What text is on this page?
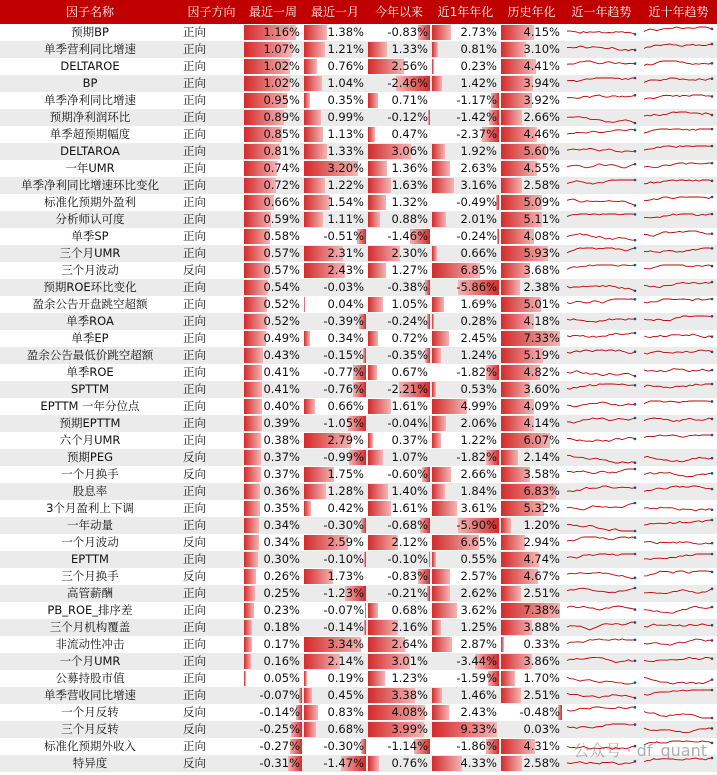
因子名称	因子方向	最近一周	最近一月	今年以来	近1年年化	历史年化	近一年趋势	近十年趋势
预期BP	正向	1.16%	1.38%	-0.83%	2.73%	4.15%
单季营利同比增速	正向	1.07%	1.21%	1.33%	0.81%	3.10%
DELTAROE	正向	1.02%	0.76%	2.56%	0.23%	4.41%
BP	正向	1.02%	1.04%	-2.46%	1.42%	3.94%
单季净利同比增速	正向	0.95%	0.35%	0.71%	-1.17%	3.92%
预期净利润环比	正向	0.89%	0.99%	-0.12%	-1.42%	2.66%
单季超预期幅度	正向	0.85%	1.13%	0.47%	-2.37%	4.46%
DELTAROA	正向	0.81%	1.33%	3.06%	1.92%	5.60%
一年UMR	正向	0.74%	3.20%	1.36%	2.63%	4.55%
单季净利同比增速环比变化	正向	0.72%	1.22%	1.63%	3.16%	2.58%
标准化预期外盈利	正向	0.66%	1.54%	1.32%	-0.49%	5.09%
分析师认可度	正向	0.59%	1.11%	0.88%	2.01%	5.11%
单季SP	正向	0.58%	-0.51%	-1.46%	-0.24%	4.08%
三个月UMR	正向	0.57%	2.31%	2.30%	0.66%	5.93%
三个月波动	反向	0.57%	2.43%	1.27%	6.85%	3.68%
预期ROE环比变化	正向	0.54%	-0.03%	-0.38%	-5.86%	2.38%
盈余公告开盘跳空超额	正向	0.52%	0.04%	1.05%	1.69%	5.01%
单季ROA	正向	0.52%	-0.39%	-0.24%	0.28%	4.18%
单季EP	正向	0.49%	0.34%	0.72%	2.45%	7.33%
盈余公告最低价跳空超额	正向	0.43%	-0.15%	-0.35%	1.24%	5.19%
单季ROE	正向	0.41%	-0.77%	0.67%	-1.82%	4.82%
SPTTM	正向	0.41%	-0.76%	-2.21%	0.53%	3.60%
EPTTM 一年分位点	正向	0.40%	0.66%	1.61%	4.99%	4.09%
预期EPTTM	正向	0.39%	-1.05%	-0.04%	2.06%	4.14%
六个月UMR	正向	0.38%	2.79%	0.37%	1.22%	6.07%
预期PEG	反向	0.37%	-0.99%	1.07%	-1.82%	2.14%
一个月换手	反向	0.37%	1.75%	-0.60%	2.66%	3.58%
股息率	正向	0.36%	1.28%	1.40%	1.84%	6.83%
3个月盈利上下调	正向	0.35%	0.42%	1.61%	3.61%	5.32%
一年动量	正向	0.34%	-0.30%	-0.68%	-5.90%	1.20%
一个月波动	反向	0.34%	2.59%	2.12%	6.65%	2.94%
EPTTM	正向	0.30%	-0.10%	-0.10%	0.55%	4.74%
三个月换手	反向	0.26%	1.73%	-0.83%	2.57%	4.67%
高管薪酬	正向	0.25%	-1.23%	-0.21%	2.62%	2.51%
PB_ROE_排序差	正向	0.23%	-0.07%	0.68%	3.62%	7.38%
三个月机构覆盖	正向	0.18%	-0.14%	2.16%	1.25%	3.88%
非流动性冲击	正向	0.17%	3.34%	2.64%	2.87%	0.33%
一个月UMR	正向	0.16%	2.14%	3.01%	-3.44%	3.86%
公募持股市值	正向	0.05%	0.19%	1.23%	-1.59%	1.70%
单季营收同比增速	正向	-0.07%	0.45%	3.38%	1.46%	2.51%
一个月反转	反向	-0.14%	0.83%	4.08%	2.43%	-0.48%
三个月反转	反向	-0.25%	0.68%	3.99%	9.33%	0.03%
标准化预期外收入	正向	-0.27%	-0.30%	-1.14%	-1.86%	4.31%
特异度	反向	-0.31%	-1.47%	0.76%	4.33%	2.58%
公众号 · df_quant
